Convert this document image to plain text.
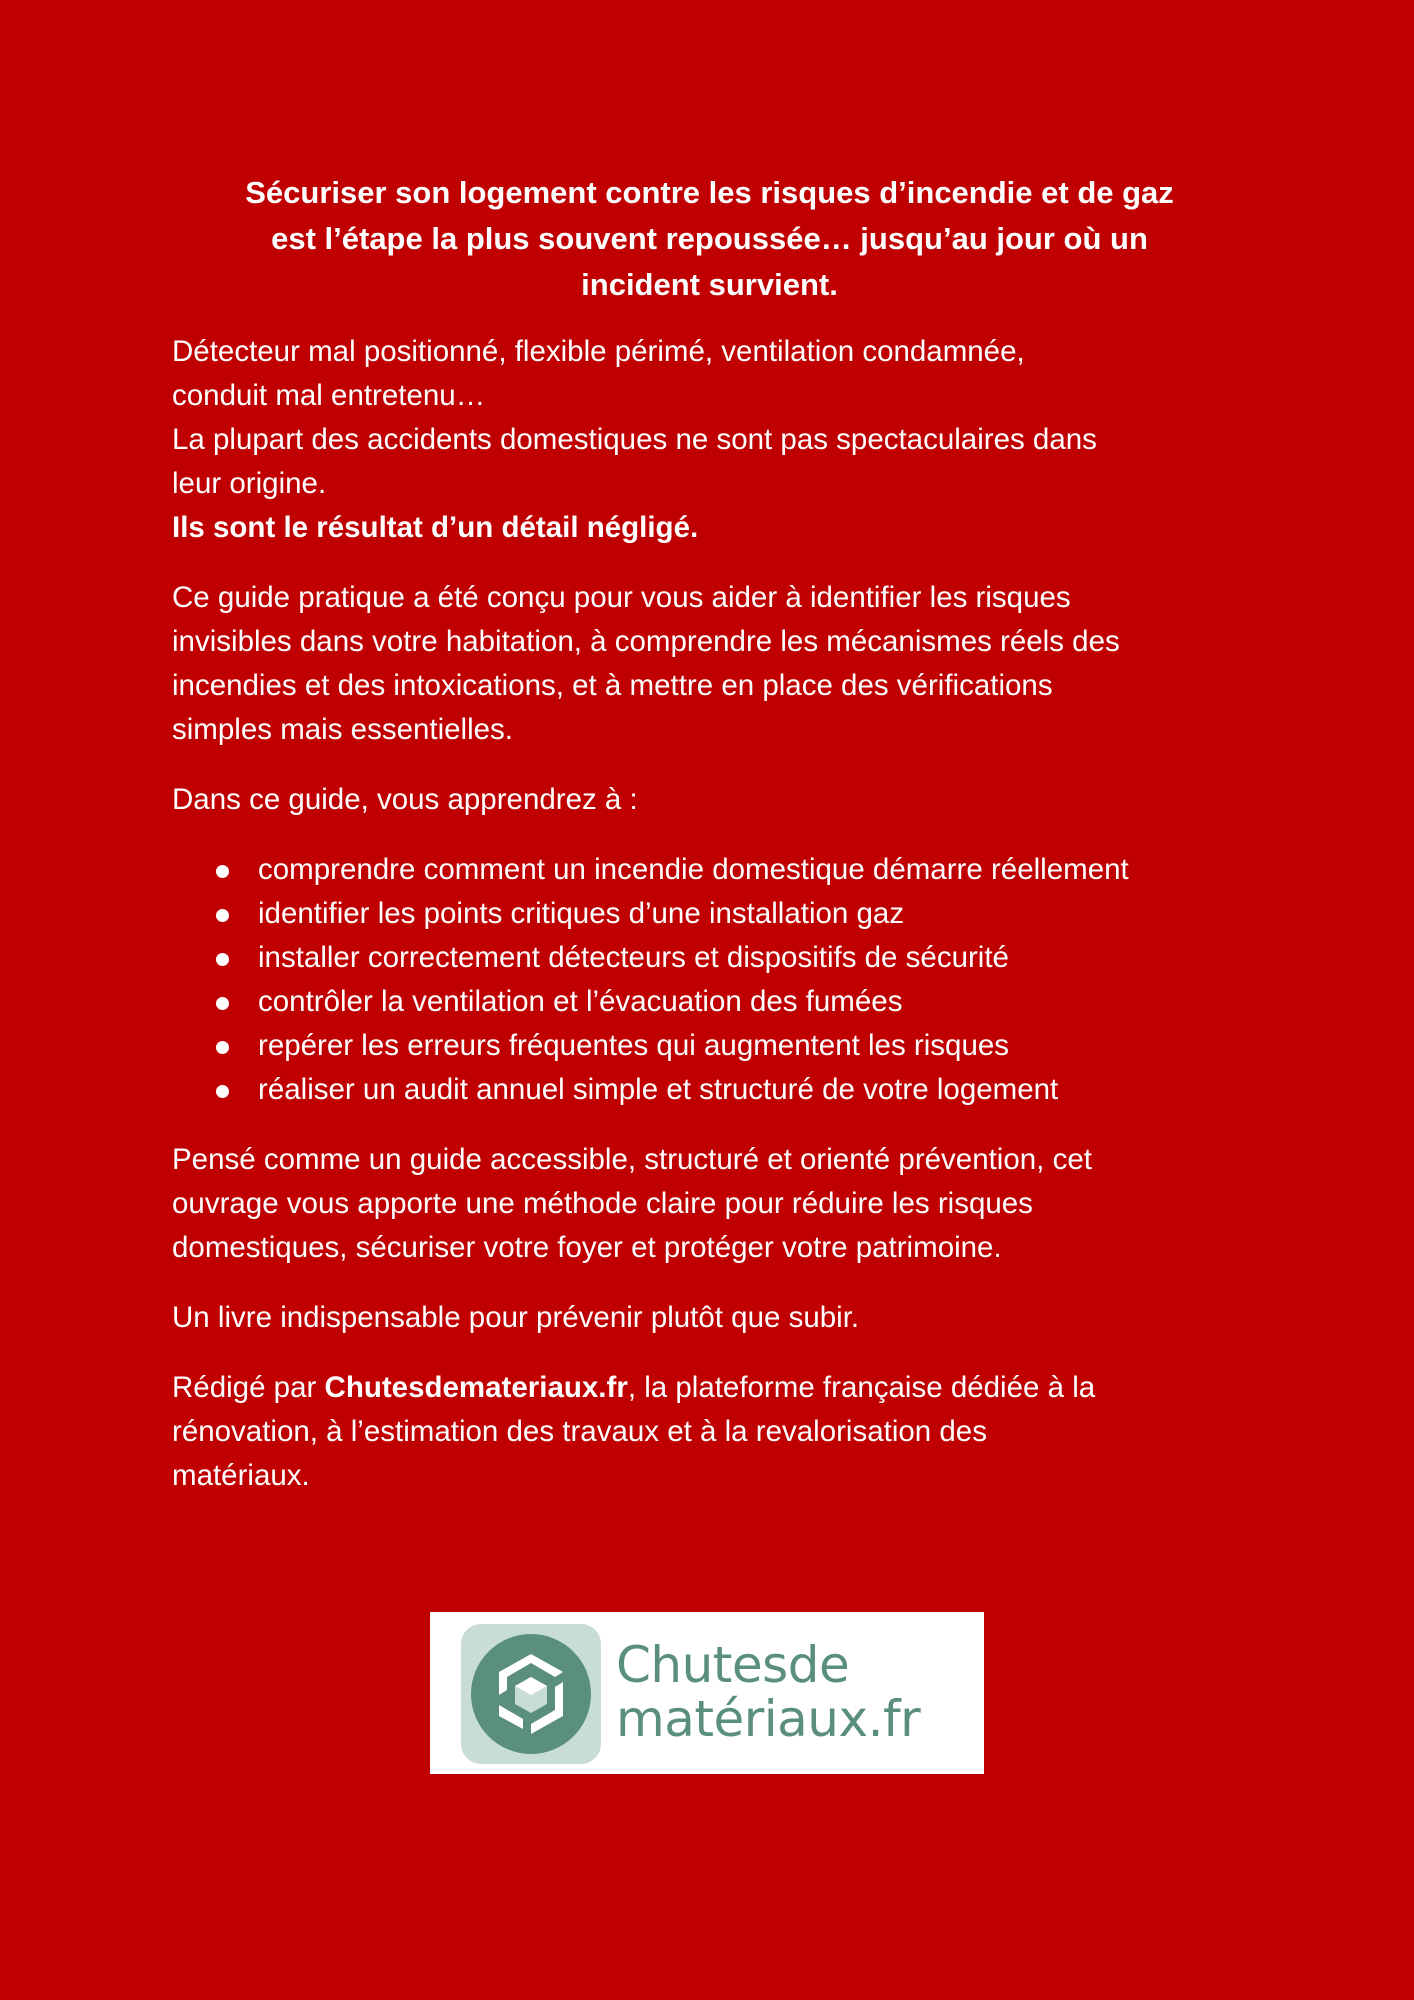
Sécuriser son logement contre les risques d’incendie et de gaz
est l’étape la plus souvent repoussée… jusqu’au jour où un
incident survient.

Détecteur mal positionné, flexible périmé, ventilation condamnée,
conduit mal entretenu…
La plupart des accidents domestiques ne sont pas spectaculaires dans
leur origine.
Ils sont le résultat d’un détail négligé.

Ce guide pratique a été conçu pour vous aider à identifier les risques
invisibles dans votre habitation, à comprendre les mécanismes réels des
incendies et des intoxications, et à mettre en place des vérifications
simples mais essentielles.

Dans ce guide, vous apprendrez à :

comprendre comment un incendie domestique démarre réellement
identifier les points critiques d’une installation gaz
installer correctement détecteurs et dispositifs de sécurité
contrôler la ventilation et l’évacuation des fumées
repérer les erreurs fréquentes qui augmentent les risques
réaliser un audit annuel simple et structuré de votre logement

Pensé comme un guide accessible, structuré et orienté prévention, cet
ouvrage vous apporte une méthode claire pour réduire les risques
domestiques, sécuriser votre foyer et protéger votre patrimoine.

Un livre indispensable pour prévenir plutôt que subir.

Rédigé par Chutesdemateriaux.fr, la plateforme française dédiée à la
rénovation, à l’estimation des travaux et à la revalorisation des
matériaux.

Chutesde
matériaux.fr
